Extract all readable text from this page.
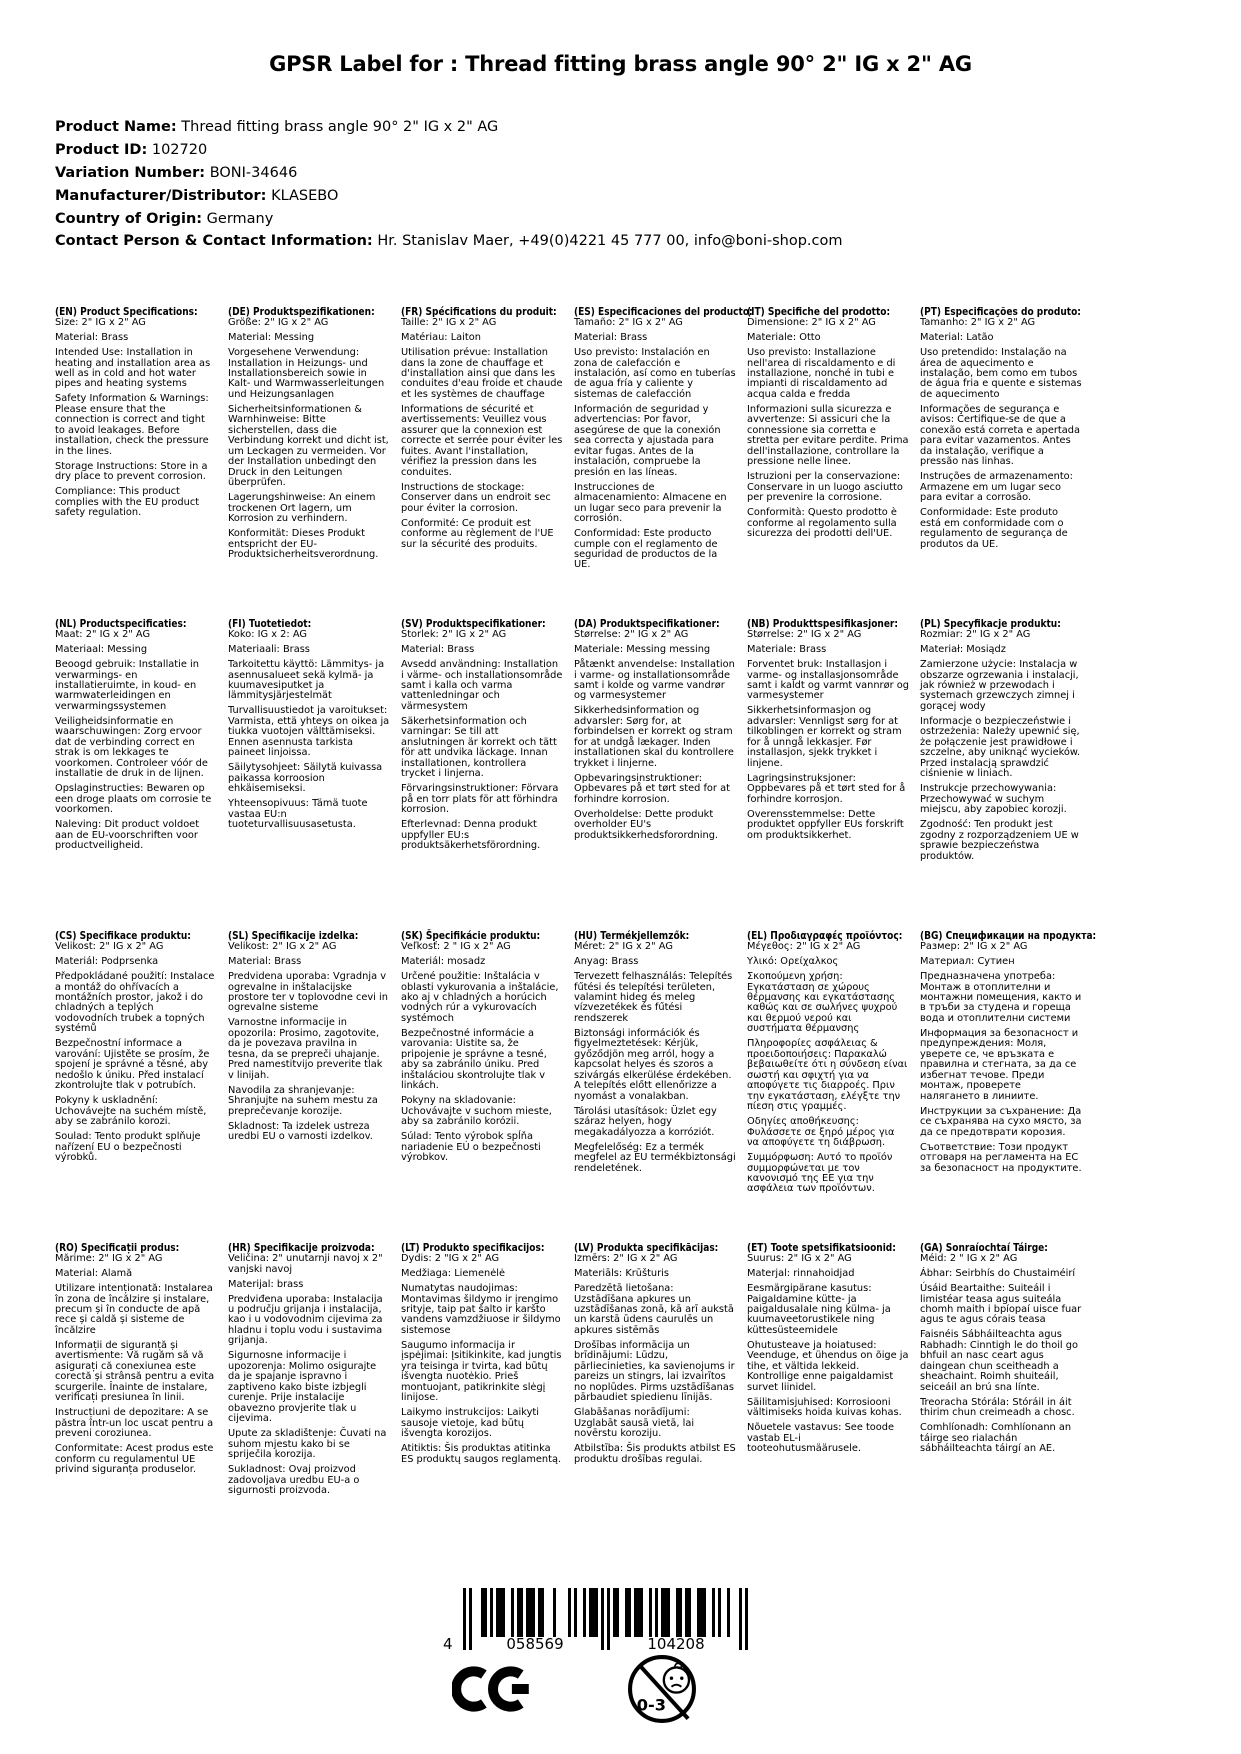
GPSR Label for : Thread fitting brass angle 90° 2" IG x 2" AG
Product Name: Thread fitting brass angle 90° 2" IG x 2" AG
Product ID: 102720
Variation Number: BONI-34646
Manufacturer/Distributor: KLASEBO
Country of Origin: Germany
Contact Person & Contact Information: Hr. Stanislav Maer, +49(0)4221 45 777 00, info@boni-shop.com
(EN) Product Specifications:
Size: 2" IG x 2" AG
Material: Brass
Intended Use: Installation in heating and installation area as well as in cold and hot water pipes and heating systems
Safety Information & Warnings: Please ensure that the connection is correct and tight to avoid leakages. Before installation, check the pressure in the lines.
Storage Instructions: Store in a dry place to prevent corrosion.
Compliance: This product complies with the EU product safety regulation.
(DE) Produktspezifikationen:
Größe: 2" IG x 2" AG
Material: Messing
Vorgesehene Verwendung: Installation in Heizungs- und Installationsbereich sowie in Kalt- und Warmwasserleitungen und Heizungsanlagen
Sicherheitsinformationen & Warnhinweise: Bitte sicherstellen, dass die Verbindung korrekt und dicht ist, um Leckagen zu vermeiden. Vor der Installation unbedingt den Druck in den Leitungen überprüfen.
Lagerungshinweise: An einem trockenen Ort lagern, um Korrosion zu verhindern.
Konformität: Dieses Produkt entspricht der EU-Produktsicherheitsverordnung.
(FR) Spécifications du produit:
Taille: 2" IG x 2" AG
Matériau: Laiton
Utilisation prévue: Installation dans la zone de chauffage et d'installation ainsi que dans les conduites d'eau froide et chaude et les systèmes de chauffage
Informations de sécurité et avertissements: Veuillez vous assurer que la connexion est correcte et serrée pour éviter les fuites. Avant l'installation, vérifiez la pression dans les conduites.
Instructions de stockage: Conserver dans un endroit sec pour éviter la corrosion.
Conformité: Ce produit est conforme au règlement de l'UE sur la sécurité des produits.
(ES) Especificaciones del producto:
Tamaño: 2" IG x 2" AG
Material: Brass
Uso previsto: Instalación en zona de calefacción e instalación, así como en tuberías de agua fría y caliente y sistemas de calefacción
Información de seguridad y advertencias: Por favor, asegúrese de que la conexión sea correcta y ajustada para evitar fugas. Antes de la instalación, compruebe la presión en las líneas.
Instrucciones de almacenamiento: Almacene en un lugar seco para prevenir la corrosión.
Conformidad: Este producto cumple con el reglamento de seguridad de productos de la UE.
(IT) Specifiche del prodotto:
Dimensione: 2" IG x 2" AG
Materiale: Otto
Uso previsto: Installazione nell'area di riscaldamento e di installazione, nonché in tubi e impianti di riscaldamento ad acqua calda e fredda
Informazioni sulla sicurezza e avvertenze: Si assicuri che la connessione sia corretta e stretta per evitare perdite. Prima dell'installazione, controllare la pressione nelle linee.
Istruzioni per la conservazione: Conservare in un luogo asciutto per prevenire la corrosione.
Conformità: Questo prodotto è conforme al regolamento sulla sicurezza dei prodotti dell'UE.
(PT) Especificações do produto:
Tamanho: 2" IG x 2" AG
Material: Latão
Uso pretendido: Instalação na área de aquecimento e instalação, bem como em tubos de água fria e quente e sistemas de aquecimento
Informações de segurança e avisos: Certifique-se de que a conexão está correta e apertada para evitar vazamentos. Antes da instalação, verifique a pressão nas linhas.
Instruções de armazenamento: Armazene em um lugar seco para evitar a corrosão.
Conformidade: Este produto está em conformidade com o regulamento de segurança de produtos da UE.
(NL) Productspecificaties:
Maat: 2" IG x 2" AG
Materiaal: Messing
Beoogd gebruik: Installatie in verwarmings- en installatieruimte, in koud- en warmwaterleidingen en verwarmingssystemen
Veiligheidsinformatie en waarschuwingen: Zorg ervoor dat de verbinding correct en strak is om lekkages te voorkomen. Controleer vóór de installatie de druk in de lijnen.
Opslaginstructies: Bewaren op een droge plaats om corrosie te voorkomen.
Naleving: Dit product voldoet aan de EU-voorschriften voor productveiligheid.
(FI) Tuotetiedot:
Koko: IG x 2: AG
Materiaali: Brass
Tarkoitettu käyttö: Lämmitys- ja asennusalueet sekä kylmä- ja kuumavesiputket ja lämmitysjärjestelmät
Turvallisuustiedot ja varoitukset: Varmista, että yhteys on oikea ja tiukka vuotojen välttämiseksi. Ennen asennusta tarkista paineet linjoissa.
Säilytysohjeet: Säilytä kuivassa paikassa korroosion ehkäisemiseksi.
Yhteensopivuus: Tämä tuote vastaa EU:n tuoteturvallisuusasetusta.
(SV) Produktspecifikationer:
Storlek: 2" IG x 2" AG
Material: Brass
Avsedd användning: Installation i värme- och installationsområde samt i kalla och varma vattenledningar och värmesystem
Säkerhetsinformation och varningar: Se till att anslutningen är korrekt och tätt för att undvika läckage. Innan installationen, kontrollera trycket i linjerna.
Förvaringsinstruktioner: Förvara på en torr plats för att förhindra korrosion.
Efterlevnad: Denna produkt uppfyller EU:s produktsäkerhetsförordning.
(DA) Produktspecifikationer:
Størrelse: 2" IG x 2" AG
Materiale: Messing messing
Påtænkt anvendelse: Installation i varme- og installationsområde samt i kolde og varme vandrør og varmesystemer
Sikkerhedsinformation og advarsler: Sørg for, at forbindelsen er korrekt og stram for at undgå lækager. Inden installationen skal du kontrollere trykket i linjerne.
Opbevaringsinstruktioner: Opbevares på et tørt sted for at forhindre korrosion.
Overholdelse: Dette produkt overholder EU's produktsikkerhedsforordning.
(NB) Produkttspesifikasjoner:
Størrelse: 2" IG x 2" AG
Materiale: Brass
Forventet bruk: Installasjon i varme- og installasjonsområde samt i kaldt og varmt vannrør og varmesystemer
Sikkerhetsinformasjon og advarsler: Vennligst sørg for at tilkoblingen er korrekt og stram for å unngå lekkasjer. Før installasjon, sjekk trykket i linjene.
Lagringsinstruksjoner: Oppbevares på et tørt sted for å forhindre korrosjon.
Overensstemmelse: Dette produktet oppfyller EUs forskrift om produktsikkerhet.
(PL) Specyfikacje produktu:
Rozmiar: 2" IG x 2" AG
Materiał: Mosiądz
Zamierzone użycie: Instalacja w obszarze ogrzewania i instalacji, jak również w przewodach i systemach grzewczych zimnej i gorącej wody
Informacje o bezpieczeństwie i ostrzeżenia: Należy upewnić się, że połączenie jest prawidłowe i szczelne, aby uniknąć wycieków. Przed instalacją sprawdzić ciśnienie w liniach.
Instrukcje przechowywania: Przechowywać w suchym miejscu, aby zapobiec korozji.
Zgodność: Ten produkt jest zgodny z rozporządzeniem UE w sprawie bezpieczeństwa produktów.
(CS) Specifikace produktu:
Velikost: 2" IG x 2" AG
Materiál: Podprsenka
Předpokládané použití: Instalace a montáž do ohřívacích a montážních prostor, jakož i do chladných a teplých vodovodních trubek a topných systémů
Bezpečnostní informace a varování: Ujistěte se prosím, že spojení je správné a těsné, aby nedošlo k úniku. Před instalací zkontrolujte tlak v potrubích.
Pokyny k uskladnění: Uchovávejte na suchém místě, aby se zabránilo korozi.
Soulad: Tento produkt splňuje nařízení EU o bezpečnosti výrobků.
(SL) Specifikacije izdelka:
Velikost: 2" IG x 2" AG
Material: Brass
Predvidena uporaba: Vgradnja v ogrevalne in inštalacijske prostore ter v toplovodne cevi in ogrevalne sisteme
Varnostne informacije in opozorila: Prosimo, zagotovite, da je povezava pravilna in tesna, da se prepreči uhajanje. Pred namestitvijo preverite tlak v linijah.
Navodila za shranjevanje: Shranjujte na suhem mestu za preprečevanje korozije.
Skladnost: Ta izdelek ustreza uredbi EU o varnosti izdelkov.
(SK) Špecifikácie produktu:
Veľkosť: 2 " IG x 2" AG
Materiál: mosadz
Určené použitie: Inštalácia v oblasti vykurovania a inštalácie, ako aj v chladných a horúcich vodných rúr a vykurovacích systémoch
Bezpečnostné informácie a varovania: Uistite sa, že pripojenie je správne a tesné, aby sa zabránilo úniku. Pred inštaláciou skontrolujte tlak v linkách.
Pokyny na skladovanie: Uchovávajte v suchom mieste, aby sa zabránilo korózii.
Súlad: Tento výrobok spĺňa nariadenie EÚ o bezpečnosti výrobkov.
(HU) Termékjellemzők:
Méret: 2" IG x 2" AG
Anyag: Brass
Tervezett felhasználás: Telepítés fűtési és telepítési területen, valamint hideg és meleg vízvezetékek és fűtési rendszerek
Biztonsági információk és figyelmeztetések: Kérjük, győződjön meg arról, hogy a kapcsolat helyes és szoros a szivárgás elkerülése érdekében. A telepítés előtt ellenőrizze a nyomást a vonalakban.
Tárolási utasítások: Üzlet egy száraz helyen, hogy megakadályozza a korróziót.
Megfelelőség: Ez a termék megfelel az EU termékbiztonsági rendeletének.
(EL) Προδιαγραφές προϊόντος:
Μέγεθος: 2" IG x 2" AG
Υλικό: Ορείχαλκος
Σκοπούμενη χρήση: Εγκατάσταση σε χώρους θέρμανσης και εγκατάστασης καθώς και σε σωλήνες ψυχρού και θερμού νερού και συστήματα θέρμανσης
Πληροφορίες ασφάλειας & προειδοποιήσεις: Παρακαλώ βεβαιωθείτε ότι η σύνδεση είναι σωστή και σφιχτή για να αποφύγετε τις διαρροές. Πριν την εγκατάσταση, ελέγξτε την πίεση στις γραμμές.
Οδηγίες αποθήκευσης: Φυλάσσετε σε ξηρό μέρος για να αποφύγετε τη διάβρωση.
Συμμόρφωση: Αυτό το προϊόν συμμορφώνεται με τον κανονισμό της ΕΕ για την ασφάλεια των προϊόντων.
(BG) Спецификации на продукта:
Размер: 2" IG x 2" AG
Материал: Сутиен
Предназначена употреба: Монтаж в отоплителни и монтажни помещения, както и в тръби за студена и гореща вода и отоплителни системи
Информация за безопасност и предупреждения: Моля, уверете се, че връзката е правилна и стегната, за да се избегнат течове. Преди монтаж, проверете налягането в линиите.
Инструкции за съхранение: Да се съхранява на сухо място, за да се предотврати корозия.
Съответствие: Този продукт отговаря на регламента на ЕС за безопасност на продуктите.
(RO) Specificații produs:
Mărime: 2" IG x 2" AG
Material: Alamă
Utilizare intenționată: Instalarea în zona de încălzire și instalare, precum și în conducte de apă rece și caldă și sisteme de încălzire
Informații de siguranță și avertismente: Vă rugăm să vă asigurați că conexiunea este corectă și strânsă pentru a evita scurgerile. Înainte de instalare, verificați presiunea în linii.
Instrucțiuni de depozitare: A se păstra într-un loc uscat pentru a preveni coroziunea.
Conformitate: Acest produs este conform cu regulamentul UE privind siguranța produselor.
(HR) Specifikacije proizvoda:
Veličina: 2" unutarnji navoj x 2" vanjski navoj
Materijal: brass
Predviđena uporaba: Instalacija u području grijanja i instalacija, kao i u vodovodnim cijevima za hladnu i toplu vodu i sustavima grijanja.
Sigurnosne informacije i upozorenja: Molimo osigurajte da je spajanje ispravno i zaptiveno kako biste izbjegli curenje. Prije instalacije obavezno provjerite tlak u cijevima.
Upute za skladištenje: Čuvati na suhom mjestu kako bi se spriječila korozija.
Sukladnost: Ovaj proizvod zadovoljava uredbu EU-a o sigurnosti proizvoda.
(LT) Produkto specifikacijos:
Dydis: 2 "IG x 2" AG
Medžiaga: Liemenėlė
Numatytas naudojimas: Montavimas šildymo ir įrengimo srityje, taip pat šalto ir karšto vandens vamzdžiuose ir šildymo sistemose
Saugumo informacija ir įspėjimai: Įsitikinkite, kad jungtis yra teisinga ir tvirta, kad būtų išvengta nuotėkio. Prieš montuojant, patikrinkite slėgį linijose.
Laikymo instrukcijos: Laikyti sausoje vietoje, kad būtų išvengta korozijos.
Atitiktis: Šis produktas atitinka ES produktų saugos reglamentą.
(LV) Produkta specifikācijas:
Izmērs: 2" IG x 2" AG
Materiāls: Krūšturis
Paredzētā lietošana: Uzstādīšana apkures un uzstādīšanas zonā, kā arī aukstā un karstā ūdens caurulēs un apkures sistēmās
Drošības informācija un brīdinājumi: Lūdzu, pārliecinieties, ka savienojums ir pareizs un stingrs, lai izvairītos no noplūdes. Pirms uzstādīšanas pārbaudiet spiedienu līnijās.
Glabāšanas norādījumi: Uzglabāt sausā vietā, lai novērstu koroziju.
Atbilstība: Šis produkts atbilst ES produktu drošības regulai.
(ET) Toote spetsifikatsioonid:
Suurus: 2" IG x 2" AG
Materjal: rinnahoidjad
Eesmärgipärane kasutus: Paigaldamine kütte- ja paigaldusalale ning külma- ja kuumaveetorustikele ning küttesüsteemidele
Ohutusteave ja hoiatused: Veenduge, et ühendus on õige ja tihe, et vältida lekkeid. Kontrollige enne paigaldamist survet liinidel.
Säilitamisjuhised: Korrosiooni vältimiseks hoida kuivas kohas.
Nõuetele vastavus: See toode vastab EL-i tooteohutusmäärusele.
(GA) Sonraíochtaí Táirge:
Méid: 2 " IG x 2" AG
Ábhar: Seirbhís do Chustaiméirí
Úsáid Beartaithe: Suiteáil i limistéar teasa agus suiteála chomh maith i bpíopaí uisce fuar agus te agus córais teasa
Faisnéis Sábháilteachta agus Rabhadh: Cinntigh le do thoil go bhfuil an nasc ceart agus daingean chun sceitheadh a sheachaint. Roimh shuiteáil, seiceáil an brú sna línte.
Treoracha Stórála: Stóráil in áit thirim chun creimeadh a chosc.
Comhlíonadh: Comhlíonann an táirge seo rialachán sábháilteachta táirgí an AE.
4	058569	104208
0-3
